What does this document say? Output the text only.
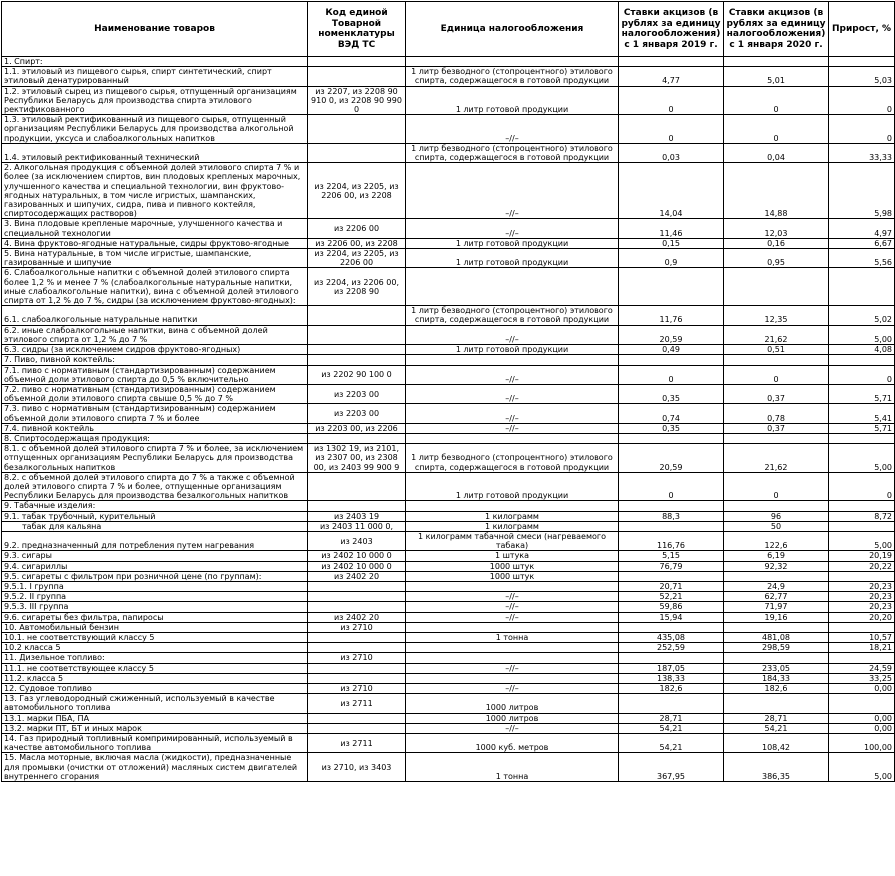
Наименование товаров	Код единой Товарной номенклатуры ВЭД ТС	Единица налогообложения	Ставки акцизов (в рублях за единицу налогообложения) с 1 января 2019 г.	Ставки акцизов (в рублях за единицу налогообложения) с 1 января 2020 г.	Прирост, %
1. Спирт:					
1.1. этиловый из пищевого сырья, спирт синтетический, спирт этиловый денатурированный		1 литр безводного (стопроцентного) этилового спирта, содержащегося в готовой продукции	4,77	5,01	5,03
1.2. этиловый сырец из пищевого сырья, отпущенный организациям Республики Беларусь для производства спирта этилового ректификованного	из 2207, из 2208 90 910 0, из 2208 90 990 0	1 литр готовой продукции	0	0	0
1.3. этиловый ректификованный из пищевого сырья, отпущенный организациям Республики Беларусь для производства алкогольной продукции, уксуса и слабоалкогольных напитков		–//–	0	0	0
1.4. этиловый ректификованный технический		1 литр безводного (стопроцентного) этилового спирта, содержащегося в готовой продукции	0,03	0,04	33,33
2. Алкогольная продукция с объемной долей этилового спирта 7 % и более (за исключением спиртов, вин плодовых крепленых марочных, улучшенного качества и специальной технологии, вин фруктово-ягодных натуральных, в том числе игристых, шампанских, газированных и шипучих, сидра, пива и пивного коктейля, спиртосодержащих растворов)	из 2204, из 2205, из 2206 00, из 2208	–//–	14,04	14,88	5,98
3. Вина плодовые крепленые марочные, улучшенного качества и специальной технологии	из 2206 00	–//–	11,46	12,03	4,97
4. Вина фруктово-ягодные натуральные, сидры фруктово-ягодные	из 2206 00, из 2208	1 литр готовой продукции	0,15	0,16	6,67
5. Вина натуральные, в том числе игристые, шампанские, газированные и шипучие	из 2204, из 2205, из 2206 00	1 литр готовой продукции	0,9	0,95	5,56
6. Слабоалкогольные напитки с объемной долей этилового спирта более 1,2 % и менее 7 % (слабоалкогольные натуральные напитки, иные слабоалкогольные напитки), вина с объемной долей этилового спирта от 1,2 % до 7 %, сидры (за исключением фруктово-ягодных):	из 2204, из 2206 00, из 2208 90				
6.1. слабоалкогольные натуральные напитки		1 литр безводного (стопроцентного) этилового спирта, содержащегося в готовой продукции	11,76	12,35	5,02
6.2. иные слабоалкогольные напитки, вина с объемной долей этилового спирта от 1,2 % до 7 %		–//–	20,59	21,62	5,00
6.3. сидры (за исключением сидров фруктово-ягодных)		1 литр готовой продукции	0,49	0,51	4,08
7. Пиво, пивной коктейль:					
7.1. пиво с нормативным (стандартизированным) содержанием объемной доли этилового спирта до 0,5 % включительно	из 2202 90 100 0	–//–	0	0	0
7.2. пиво с нормативным (стандартизированным) содержанием объемной доли этилового спирта свыше 0,5 % до 7 %	из 2203 00	–//–	0,35	0,37	5,71
7.3. пиво с нормативным (стандартизированным) содержанием объемной доли этилового спирта 7 % и более	из 2203 00	–//–	0,74	0,78	5,41
7.4. пивной коктейль	из 2203 00, из 2206	–//–	0,35	0,37	5,71
8. Спиртосодержащая продукция:					
8.1. с объемной долей этилового спирта 7 % и более, за исключением отпущенных организациям Республики Беларусь для производства безалкогольных напитков	из 1302 19, из 2101, из 2307 00, из 2308 00, из 2403 99 900 9	1 литр безводного (стопроцентного) этилового спирта, содержащегося в готовой продукции	20,59	21,62	5,00
8.2. с объемной долей этилового спирта до 7 % а также с объемной долей этилового спирта 7 % и более, отпущенные организациям Республики Беларусь для производства безалкогольных напитков		1 литр готовой продукции	0	0	0
9. Табачные изделия:					
9.1. табак трубочный, курительный	из 2403 19	1 килограмм	88,3	96	8,72
табак для кальяна	из 2403 11 000 0,	1 килограмм		50	
9.2. предназначенный для потребления путем нагревания	из 2403	1 килограмм табачной смеси (нагреваемого табака)	116,76	122,6	5,00
9.3. сигары	из 2402 10 000 0	1 штука	5,15	6,19	20,19
9.4. сигариллы	из 2402 10 000 0	1000 штук	76,79	92,32	20,22
9.5. сигареты с фильтром при розничной цене (по группам):	из 2402 20	1000 штук			
9.5.1. I группа			20,71	24,9	20,23
9.5.2. II группа		–//–	52,21	62,77	20,23
9.5.3. III группа		–//–	59,86	71,97	20,23
9.6. сигареты без фильтра, папиросы	из 2402 20	–//–	15,94	19,16	20,20
10. Автомобильный бензин	из 2710				
10.1. не соответствующий классу 5		1 тонна	435,08	481,08	10,57
10.2 класса 5			252,59	298,59	18,21
11. Дизельное топливо:	из 2710				
11.1. не соответствующее классу 5		–//–	187,05	233,05	24,59
11.2. класса 5			138,33	184,33	33,25
12. Судовое топливо	из 2710	–//–	182,6	182,6	0,00
13. Газ углеводородный сжиженный, используемый в качестве автомобильного топлива	из 2711	1000 литров			
13.1. марки ПБА, ПА		1000 литров	28,71	28,71	0,00
13.2. марки ПТ, БТ и иных марок		–//–	54,21	54,21	0,00
14. Газ природный топливный компримированный, используемый в качестве автомобильного топлива	из 2711	1000 куб. метров	54,21	108,42	100,00
15. Масла моторные, включая масла (жидкости), предназначенные для промывки (очистки от отложений) масляных систем двигателей внутреннего сгорания	из 2710, из 3403	1 тонна	367,95	386,35	5,00
